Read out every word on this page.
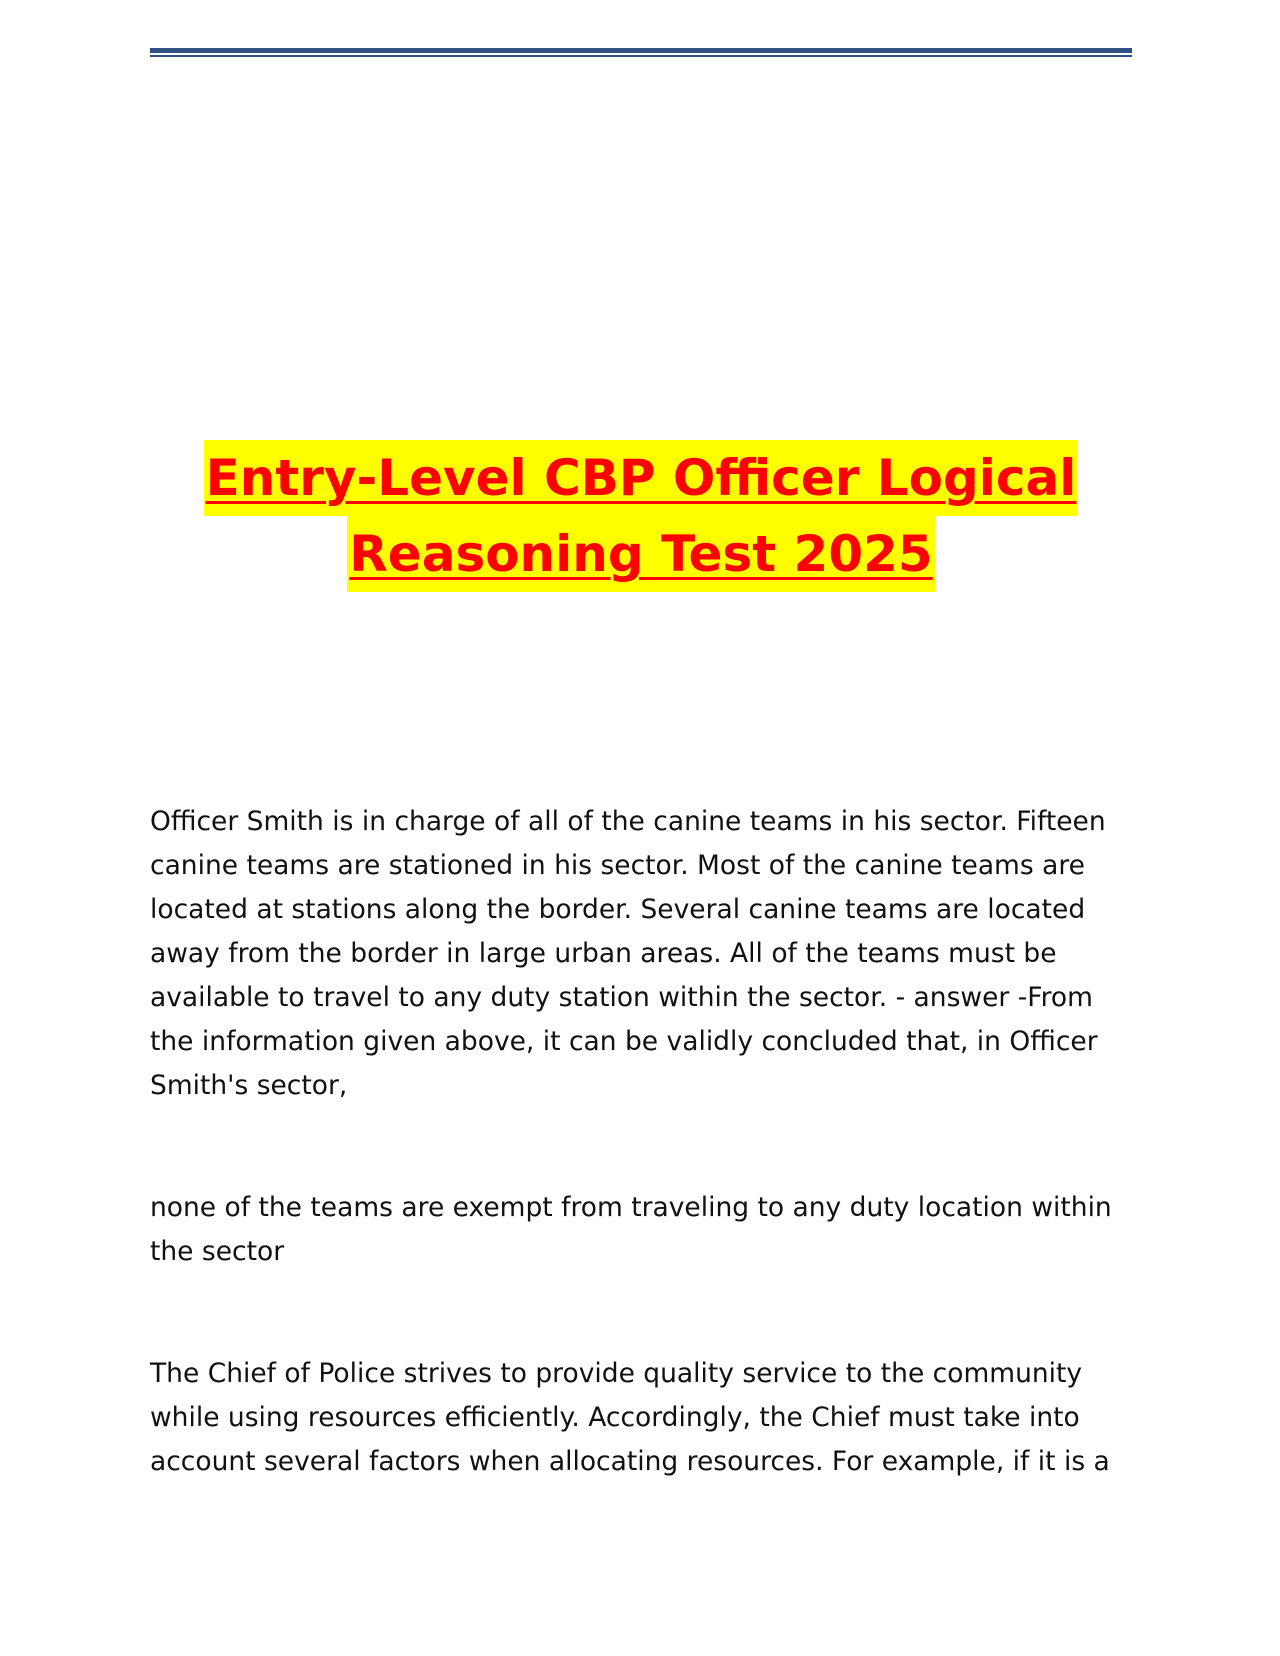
Entry-Level CBP Officer Logical
Reasoning Test 2025

Officer Smith is in charge of all of the canine teams in his sector. Fifteen canine teams are stationed in his sector. Most of the canine teams are located at stations along the border. Several canine teams are located away from the border in large urban areas. All of the teams must be available to travel to any duty station within the sector. - answer -From the information given above, it can be validly concluded that, in Officer Smith's sector,

none of the teams are exempt from traveling to any duty location within the sector

The Chief of Police strives to provide quality service to the community while using resources efficiently. Accordingly, the Chief must take into account several factors when allocating resources. For example, if it is a
